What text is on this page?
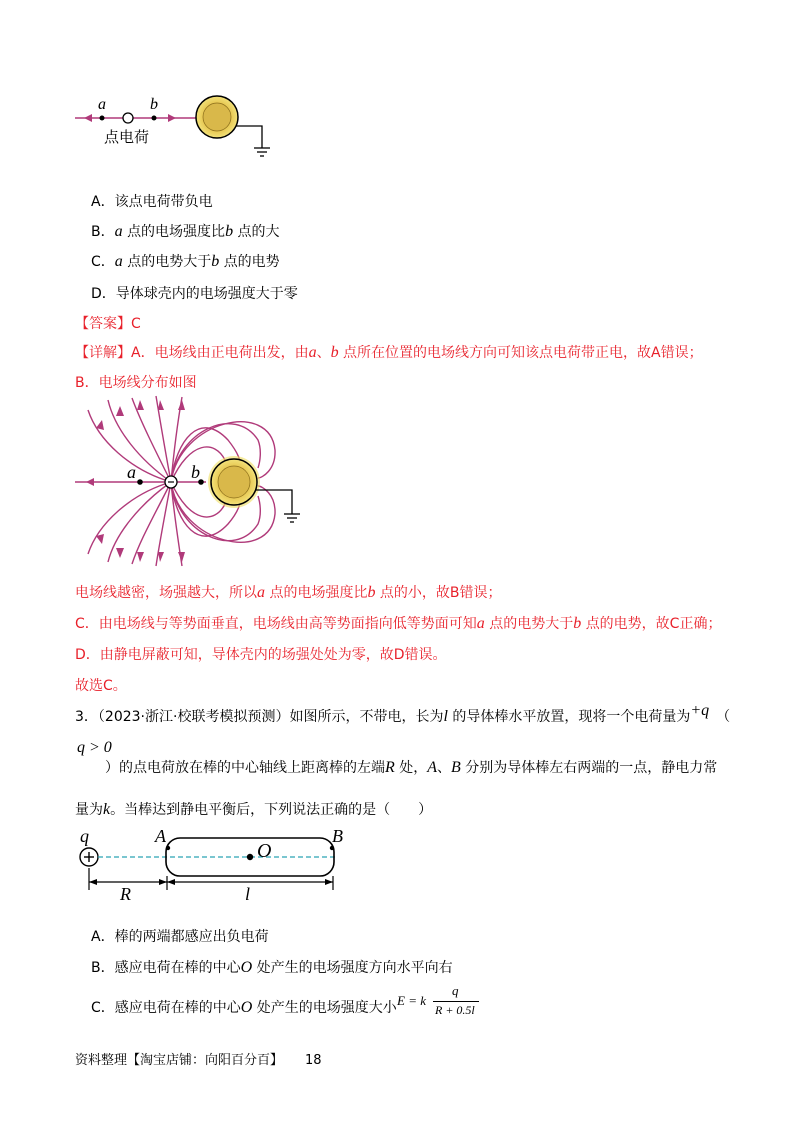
a	b
点电荷
A．该点电荷带负电
B．a 点的电场强度比b 点的大
C．a 点的电势大于b 点的电势
D．导体球壳内的电场强度大于零
【答案】C
【详解】A．电场线由正电荷出发，由a、b 点所在位置的电场线方向可知该点电荷带正电，故A错误；
B．电场线分布如图
a	b
电场线越密，场强越大，所以a 点的电场强度比b 点的小，故B错误；
C．由电场线与等势面垂直，电场线由高等势面指向低等势面可知a 点的电势大于b 点的电势，故C正确；
D．由静电屏蔽可知，导体壳内的场强处处为零，故D错误。
故选C。
3．（2023·浙江·校联考模拟预测）如图所示，不带电，长为l 的导体棒水平放置，现将一个电荷量为+q　 （
q > 0
）的点电荷放在棒的中心轴线上距离棒的左端R 处，A、B 分别为导体棒左右两端的一点，静电力常
量为k。当棒达到静电平衡后，下列说法正确的是（　　）
q	A	B
O
R	l
A．棒的两端都感应出负电荷
B．感应电荷在棒的中心O 处产生的电场强度方向水平向右
C．感应电荷在棒的中心O 处产生的电场强度大小 E = k
q
R + 0.5l
资料整理【淘宝店铺：向阳百分百】 18
